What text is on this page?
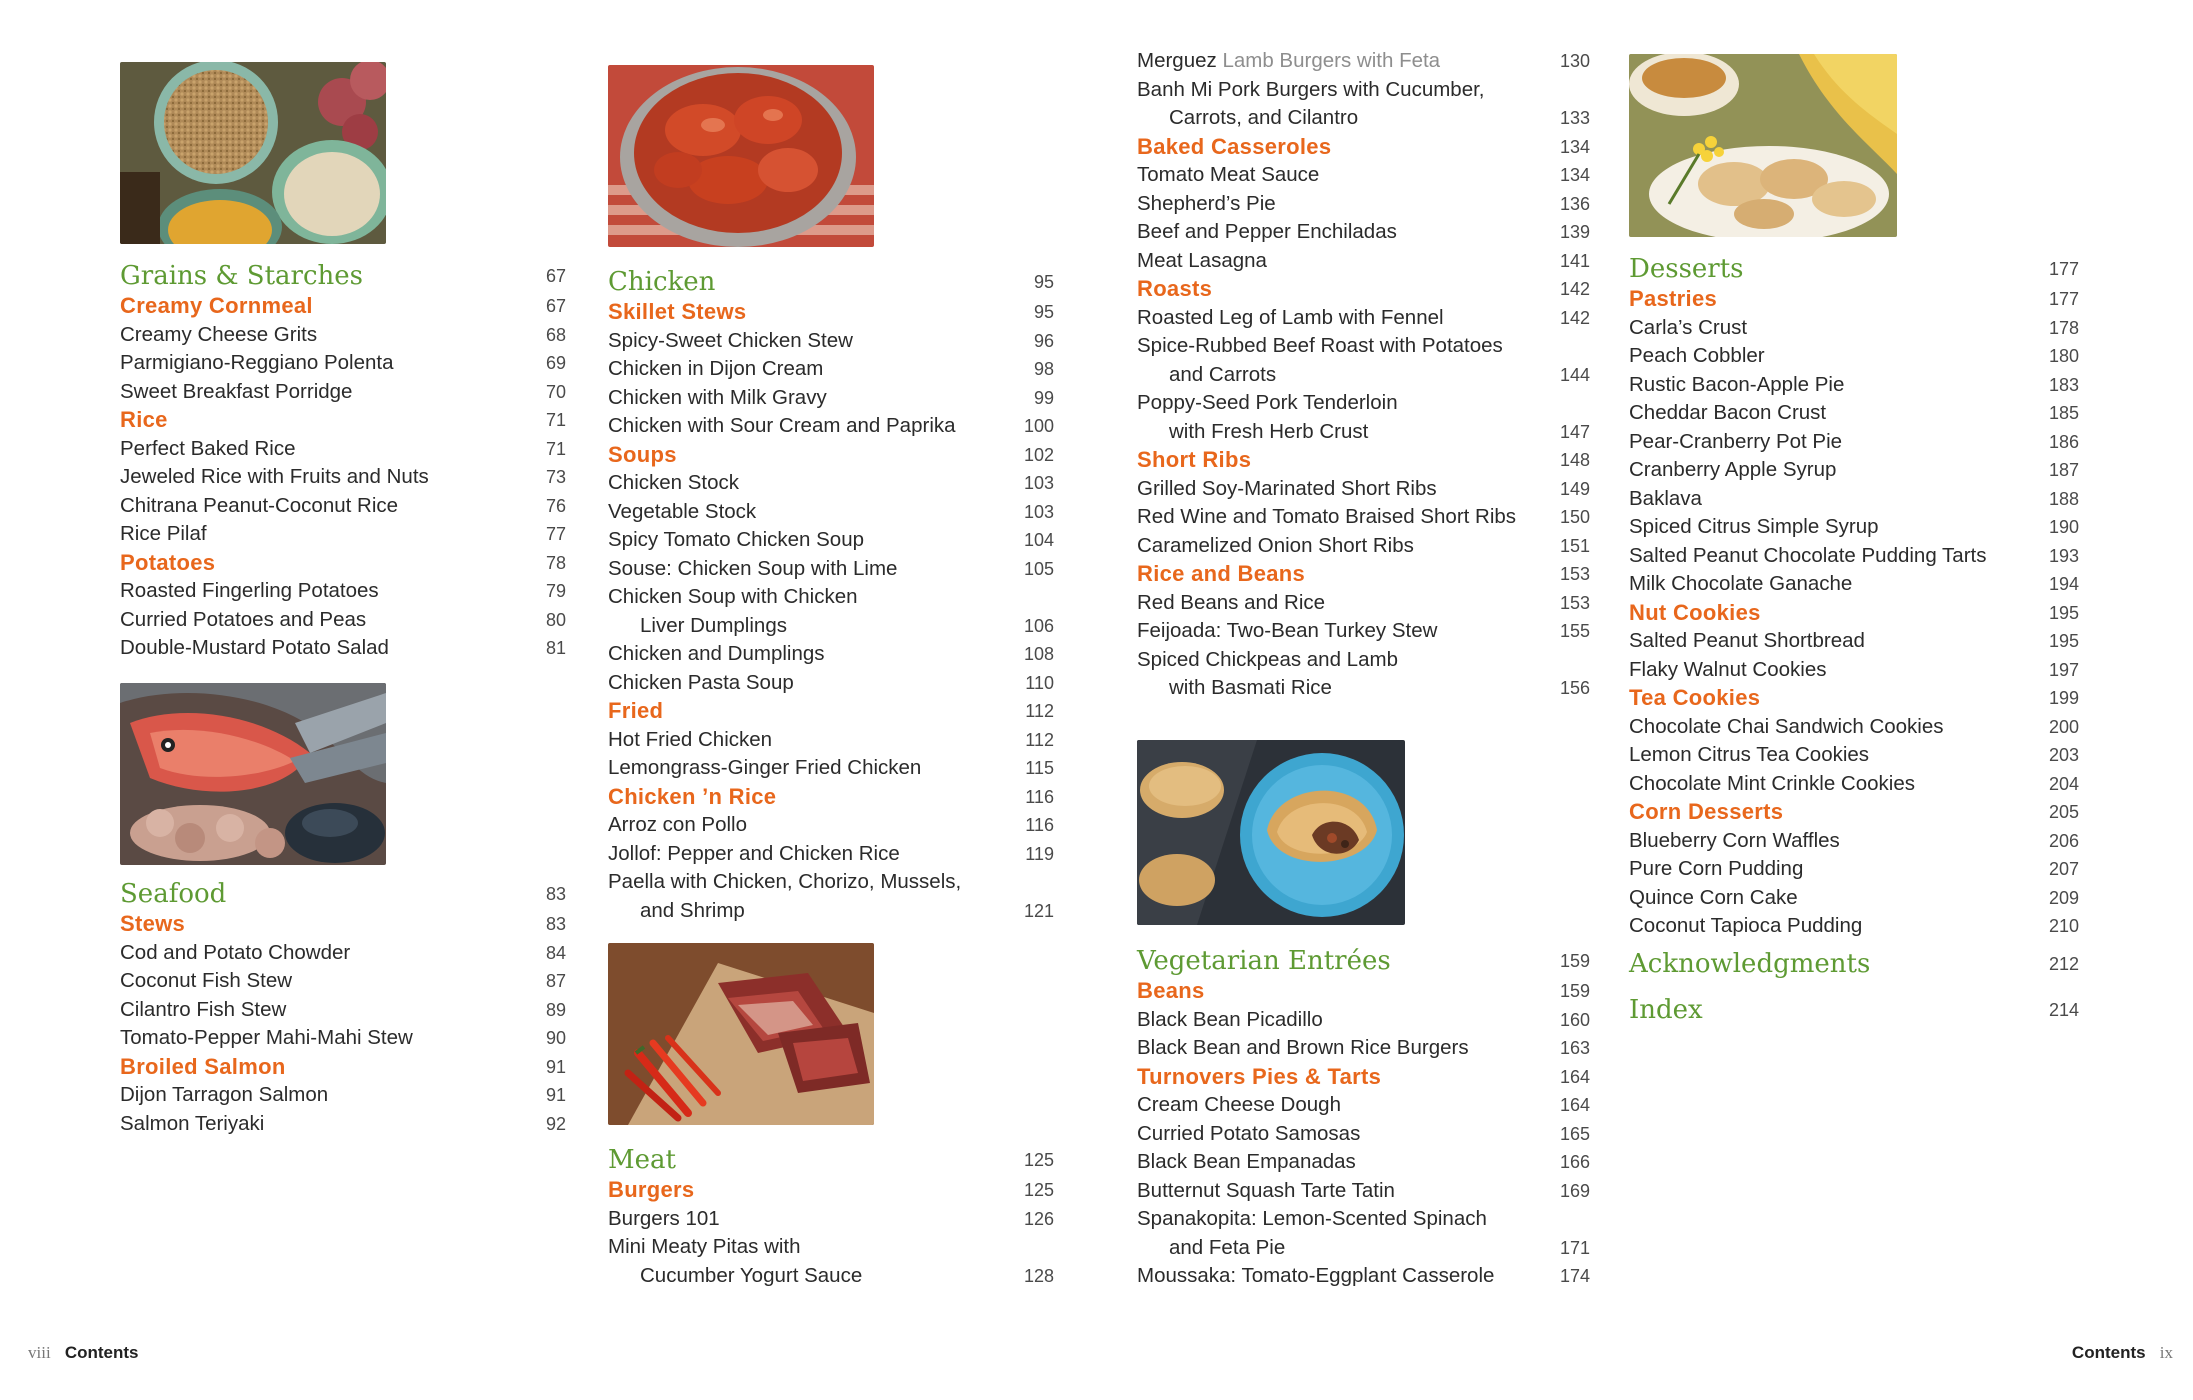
Grains & Starches	67
Creamy Cornmeal	67
Creamy Cheese Grits	68
Parmigiano-Reggiano Polenta	69
Sweet Breakfast Porridge	70
Rice	71
Perfect Baked Rice	71
Jeweled Rice with Fruits and Nuts	73
Chitrana Peanut-Coconut Rice	76
Rice Pilaf	77
Potatoes	78
Roasted Fingerling Potatoes	79
Curried Potatoes and Peas	80
Double-Mustard Potato Salad	81
Seafood	83
Stews	83
Cod and Potato Chowder	84
Coconut Fish Stew	87
Cilantro Fish Stew	89
Tomato-Pepper Mahi-Mahi Stew	90
Broiled Salmon	91
Dijon Tarragon Salmon	91
Salmon Teriyaki	92
Chicken	95
Skillet Stews	95
Spicy-Sweet Chicken Stew	96
Chicken in Dijon Cream	98
Chicken with Milk Gravy	99
Chicken with Sour Cream and Paprika	100
Soups	102
Chicken Stock	103
Vegetable Stock	103
Spicy Tomato Chicken Soup	104
Souse: Chicken Soup with Lime	105
Chicken Soup with Chicken
Liver Dumplings	106
Chicken and Dumplings	108
Chicken Pasta Soup	110
Fried	112
Hot Fried Chicken	112
Lemongrass-Ginger Fried Chicken	115
Chicken ’n Rice	116
Arroz con Pollo	116
Jollof: Pepper and Chicken Rice	119
Paella with Chicken, Chorizo, Mussels,
and Shrimp	121
Meat	125
Burgers	125
Burgers 101	126
Mini Meaty Pitas with
Cucumber Yogurt Sauce	128
Merguez Lamb Burgers with Feta	130
Banh Mi Pork Burgers with Cucumber,
Carrots, and Cilantro	133
Baked Casseroles	134
Tomato Meat Sauce	134
Shepherd’s Pie	136
Beef and Pepper Enchiladas	139
Meat Lasagna	141
Roasts	142
Roasted Leg of Lamb with Fennel	142
Spice-Rubbed Beef Roast with Potatoes
and Carrots	144
Poppy-Seed Pork Tenderloin
with Fresh Herb Crust	147
Short Ribs	148
Grilled Soy-Marinated Short Ribs	149
Red Wine and Tomato Braised Short Ribs 150
Caramelized Onion Short Ribs	151
Rice and Beans	153
Red Beans and Rice	153
Feijoada: Two-Bean Turkey Stew	155
Spiced Chickpeas and Lamb
with Basmati Rice	156
Vegetarian Entrées	159
Beans	159
Black Bean Picadillo	160
Black Bean and Brown Rice Burgers	163
Turnovers Pies & Tarts	164
Cream Cheese Dough	164
Curried Potato Samosas	165
Black Bean Empanadas	166
Butternut Squash Tarte Tatin	169
Spanakopita: Lemon-Scented Spinach
and Feta Pie	171
Moussaka: Tomato-Eggplant Casserole	174
Desserts	177
Pastries	177
Carla’s Crust	178
Peach Cobbler	180
Rustic Bacon-Apple Pie	183
Cheddar Bacon Crust	185
Pear-Cranberry Pot Pie	186
Cranberry Apple Syrup	187
Baklava	188
Spiced Citrus Simple Syrup	190
Salted Peanut Chocolate Pudding Tarts	193
Milk Chocolate Ganache	194
Nut Cookies	195
Salted Peanut Shortbread	195
Flaky Walnut Cookies	197
Tea Cookies	199
Chocolate Chai Sandwich Cookies	200
Lemon Citrus Tea Cookies	203
Chocolate Mint Crinkle Cookies	204
Corn Desserts	205
Blueberry Corn Waffles	206
Pure Corn Pudding	207
Quince Corn Cake	209
Coconut Tapioca Pudding	210
Acknowledgments	212
Index	214
viii Contents	Contents ix
